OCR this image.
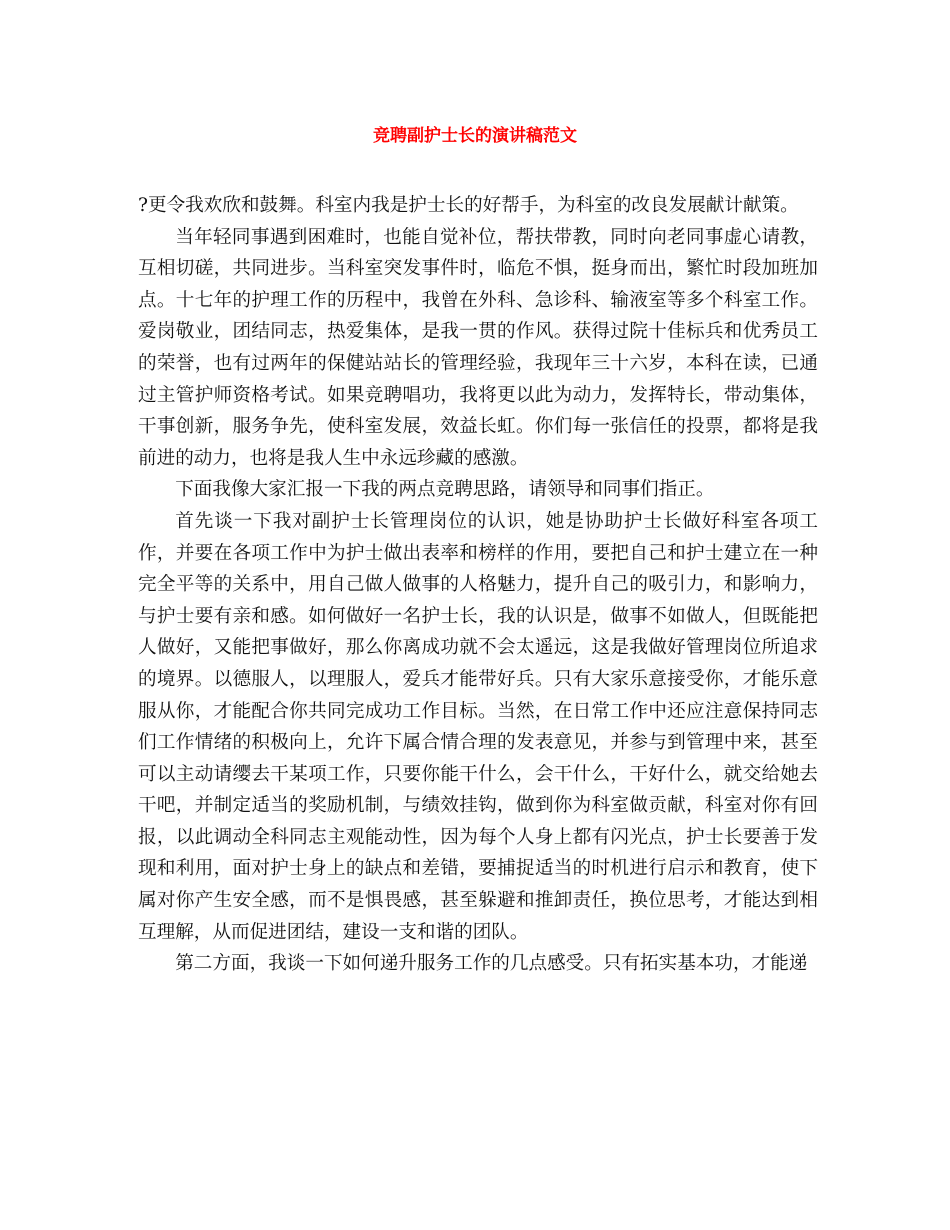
竞聘副护士长的演讲稿范文

?更令我欢欣和鼓舞。科室内我是护士长的好帮手，为科室的改良发展献计献策。

当年轻同事遇到困难时，也能自觉补位，帮扶带教，同时向老同事虚心请教，互相切磋，共同进步。当科室突发事件时，临危不惧，挺身而出，繁忙时段加班加点。十七年的护理工作的历程中，我曾在外科、急诊科、输液室等多个科室工作。爱岗敬业，团结同志，热爱集体，是我一贯的作风。获得过院十佳标兵和优秀员工的荣誉，也有过两年的保健站站长的管理经验，我现年三十六岁，本科在读，已通过主管护师资格考试。如果竞聘唱功，我将更以此为动力，发挥特长，带动集体，干事创新，服务争先，使科室发展，效益长虹。你们每一张信任的投票，都将是我前进的动力，也将是我人生中永远珍藏的感激。

下面我像大家汇报一下我的两点竞聘思路，请领导和同事们指正。

首先谈一下我对副护士长管理岗位的认识，她是协助护士长做好科室各项工作，并要在各项工作中为护士做出表率和榜样的作用，要把自己和护士建立在一种完全平等的关系中，用自己做人做事的人格魅力，提升自己的吸引力，和影响力，与护士要有亲和感。如何做好一名护士长，我的认识是，做事不如做人，但既能把人做好，又能把事做好，那么你离成功就不会太遥远，这是我做好管理岗位所追求的境界。以德服人，以理服人，爱兵才能带好兵。只有大家乐意接受你，才能乐意服从你，才能配合你共同完成功工作目标。当然，在日常工作中还应注意保持同志们工作情绪的积极向上，允许下属合情合理的发表意见，并参与到管理中来，甚至可以主动请缨去干某项工作，只要你能干什么，会干什么，干好什么，就交给她去干吧，并制定适当的奖励机制，与绩效挂钩，做到你为科室做贡献，科室对你有回报，以此调动全科同志主观能动性，因为每个人身上都有闪光点，护士长要善于发现和利用，面对护士身上的缺点和差错，要捕捉适当的时机进行启示和教育，使下属对你产生安全感，而不是惧畏感，甚至躲避和推卸责任，换位思考，才能达到相互理解，从而促进团结，建设一支和谐的团队。

第二方面，我谈一下如何递升服务工作的几点感受。只有拓实基本功，才能递
